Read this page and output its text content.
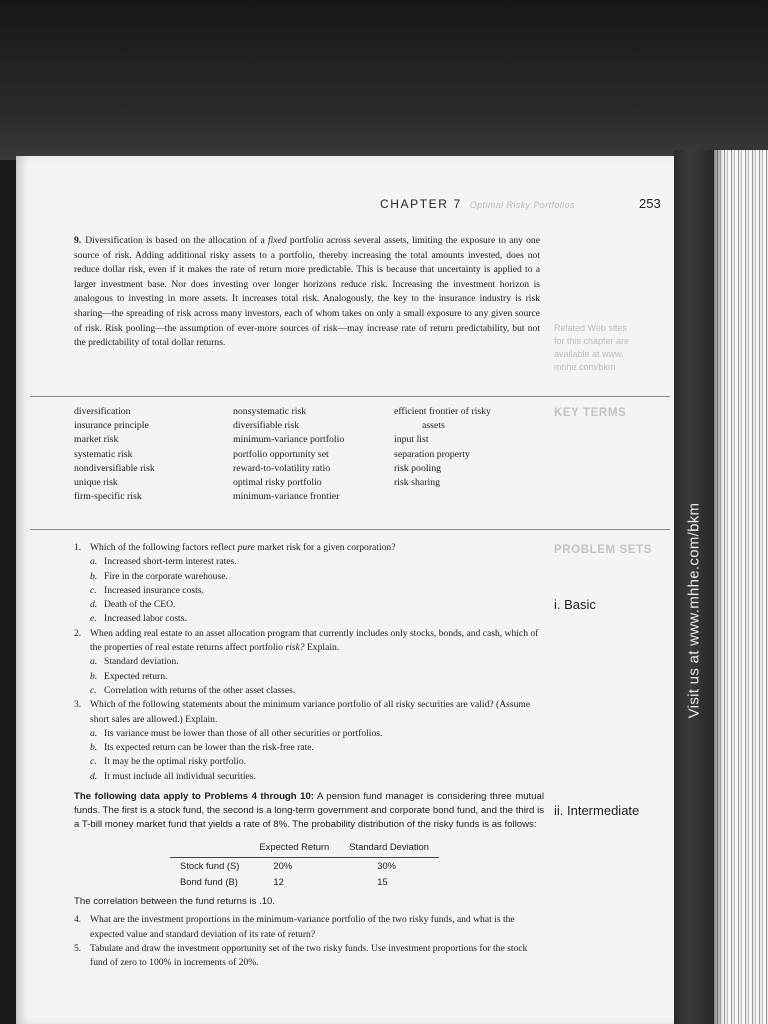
Visit us at www.mhhe.com/bkm
CHAPTER 7 Optimal Risky Portfolios	253
9. Diversification is based on the allocation of a fixed portfolio across several assets, limiting the exposure to any one source of risk. Adding additional risky assets to a portfolio, thereby increasing the total amounts invested, does not reduce dollar risk, even if it makes the rate of return more predictable. This is because that uncertainty is applied to a larger investment base. Nor does investing over longer horizons reduce risk. Increasing the investment horizon is analogous to investing in more assets. It increases total risk. Analogously, the key to the insurance industry is risk sharing—the spreading of risk across many investors, each of whom takes on only a small exposure to any given source of risk. Risk pooling—the assumption of ever-more sources of risk—may increase rate of return predictability, but not the predictability of total dollar returns.
Related Web sites
for this chapter are
available at www.
mhhe.com/bkm
KEY TERMS
diversification
insurance principle
market risk
systematic risk
nondiversifiable risk
unique risk
firm-specific risk
nonsystematic risk
diversifiable risk
minimum-variance portfolio
portfolio opportunity set
reward-to-volatility ratio
optimal risky portfolio
minimum-variance frontier
efficient frontier of risky
assets
input list
separation property
risk pooling
risk sharing
PROBLEM SETS
i. Basic
ii. Intermediate
1. Which of the following factors reflect pure market risk for a given corporation?
a. Increased short-term interest rates.
b. Fire in the corporate warehouse.
c. Increased insurance costs.
d. Death of the CEO.
e. Increased labor costs.
2. When adding real estate to an asset allocation program that currently includes only stocks, bonds, and cash, which of the properties of real estate returns affect portfolio risk? Explain.
a. Standard deviation.
b. Expected return.
c. Correlation with returns of the other asset classes.
3. Which of the following statements about the minimum variance portfolio of all risky securities are valid? (Assume short sales are allowed.) Explain.
a. Its variance must be lower than those of all other securities or portfolios.
b. Its expected return can be lower than the risk-free rate.
c. It may be the optimal risky portfolio.
d. It must include all individual securities.
The following data apply to Problems 4 through 10: A pension fund manager is considering three mutual funds. The first is a stock fund, the second is a long-term government and corporate bond fund, and the third is a T-bill money market fund that yields a rate of 8%. The probability distribution of the risky funds is as follows:
	Expected Return	Standard Deviation
Stock fund (S)	20%	30%
Bond fund (B)	12	15
The correlation between the fund returns is .10.
4. What are the investment proportions in the minimum-variance portfolio of the two risky funds, and what is the expected value and standard deviation of its rate of return?
5. Tabulate and draw the investment opportunity set of the two risky funds. Use investment proportions for the stock fund of zero to 100% in increments of 20%.
